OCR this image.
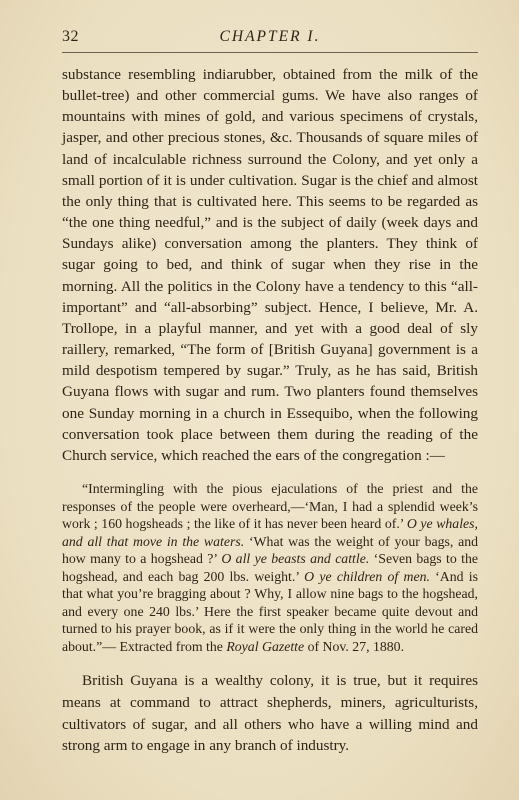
32	CHAPTER I.

substance resembling indiarubber, obtained from the milk of the bullet-tree) and other commercial gums. We have also ranges of mountains with mines of gold, and various specimens of crystals, jasper, and other precious stones, &c. Thousands of square miles of land of incalculable richness surround the Colony, and yet only a small portion of it is under cultivation. Sugar is the chief and almost the only thing that is cultivated here. This seems to be regarded as “the one thing needful,” and is the subject of daily (week days and Sundays alike) conversation among the planters. They think of sugar going to bed, and think of sugar when they rise in the morning. All the politics in the Colony have a tendency to this “all-important” and “all-absorbing” subject. Hence, I believe, Mr. A. Trollope, in a playful manner, and yet with a good deal of sly raillery, remarked, “The form of [British Guyana] government is a mild despotism tempered by sugar.” Truly, as he has said, British Guyana flows with sugar and rum. Two planters found themselves one Sunday morning in a church in Essequibo, when the following conversation took place between them during the reading of the Church service, which reached the ears of the congregation :—

“Intermingling with the pious ejaculations of the priest and the responses of the people were overheard,—‘Man, I had a splendid week’s work ; 160 hogsheads ; the like of it has never been heard of.’ O ye whales, and all that move in the waters. ‘What was the weight of your bags, and how many to a hogshead ?’ O all ye beasts and cattle. ‘Seven bags to the hogshead, and each bag 200 lbs. weight.’ O ye children of men. ‘And is that what you’re bragging about ? Why, I allow nine bags to the hogshead, and every one 240 lbs.’ Here the first speaker became quite devout and turned to his prayer book, as if it were the only thing in the world he cared about.”— Extracted from the Royal Gazette of Nov. 27, 1880.

British Guyana is a wealthy colony, it is true, but it requires means at command to attract shepherds, miners, agriculturists, cultivators of sugar, and all others who have a willing mind and strong arm to engage in any branch of industry.
